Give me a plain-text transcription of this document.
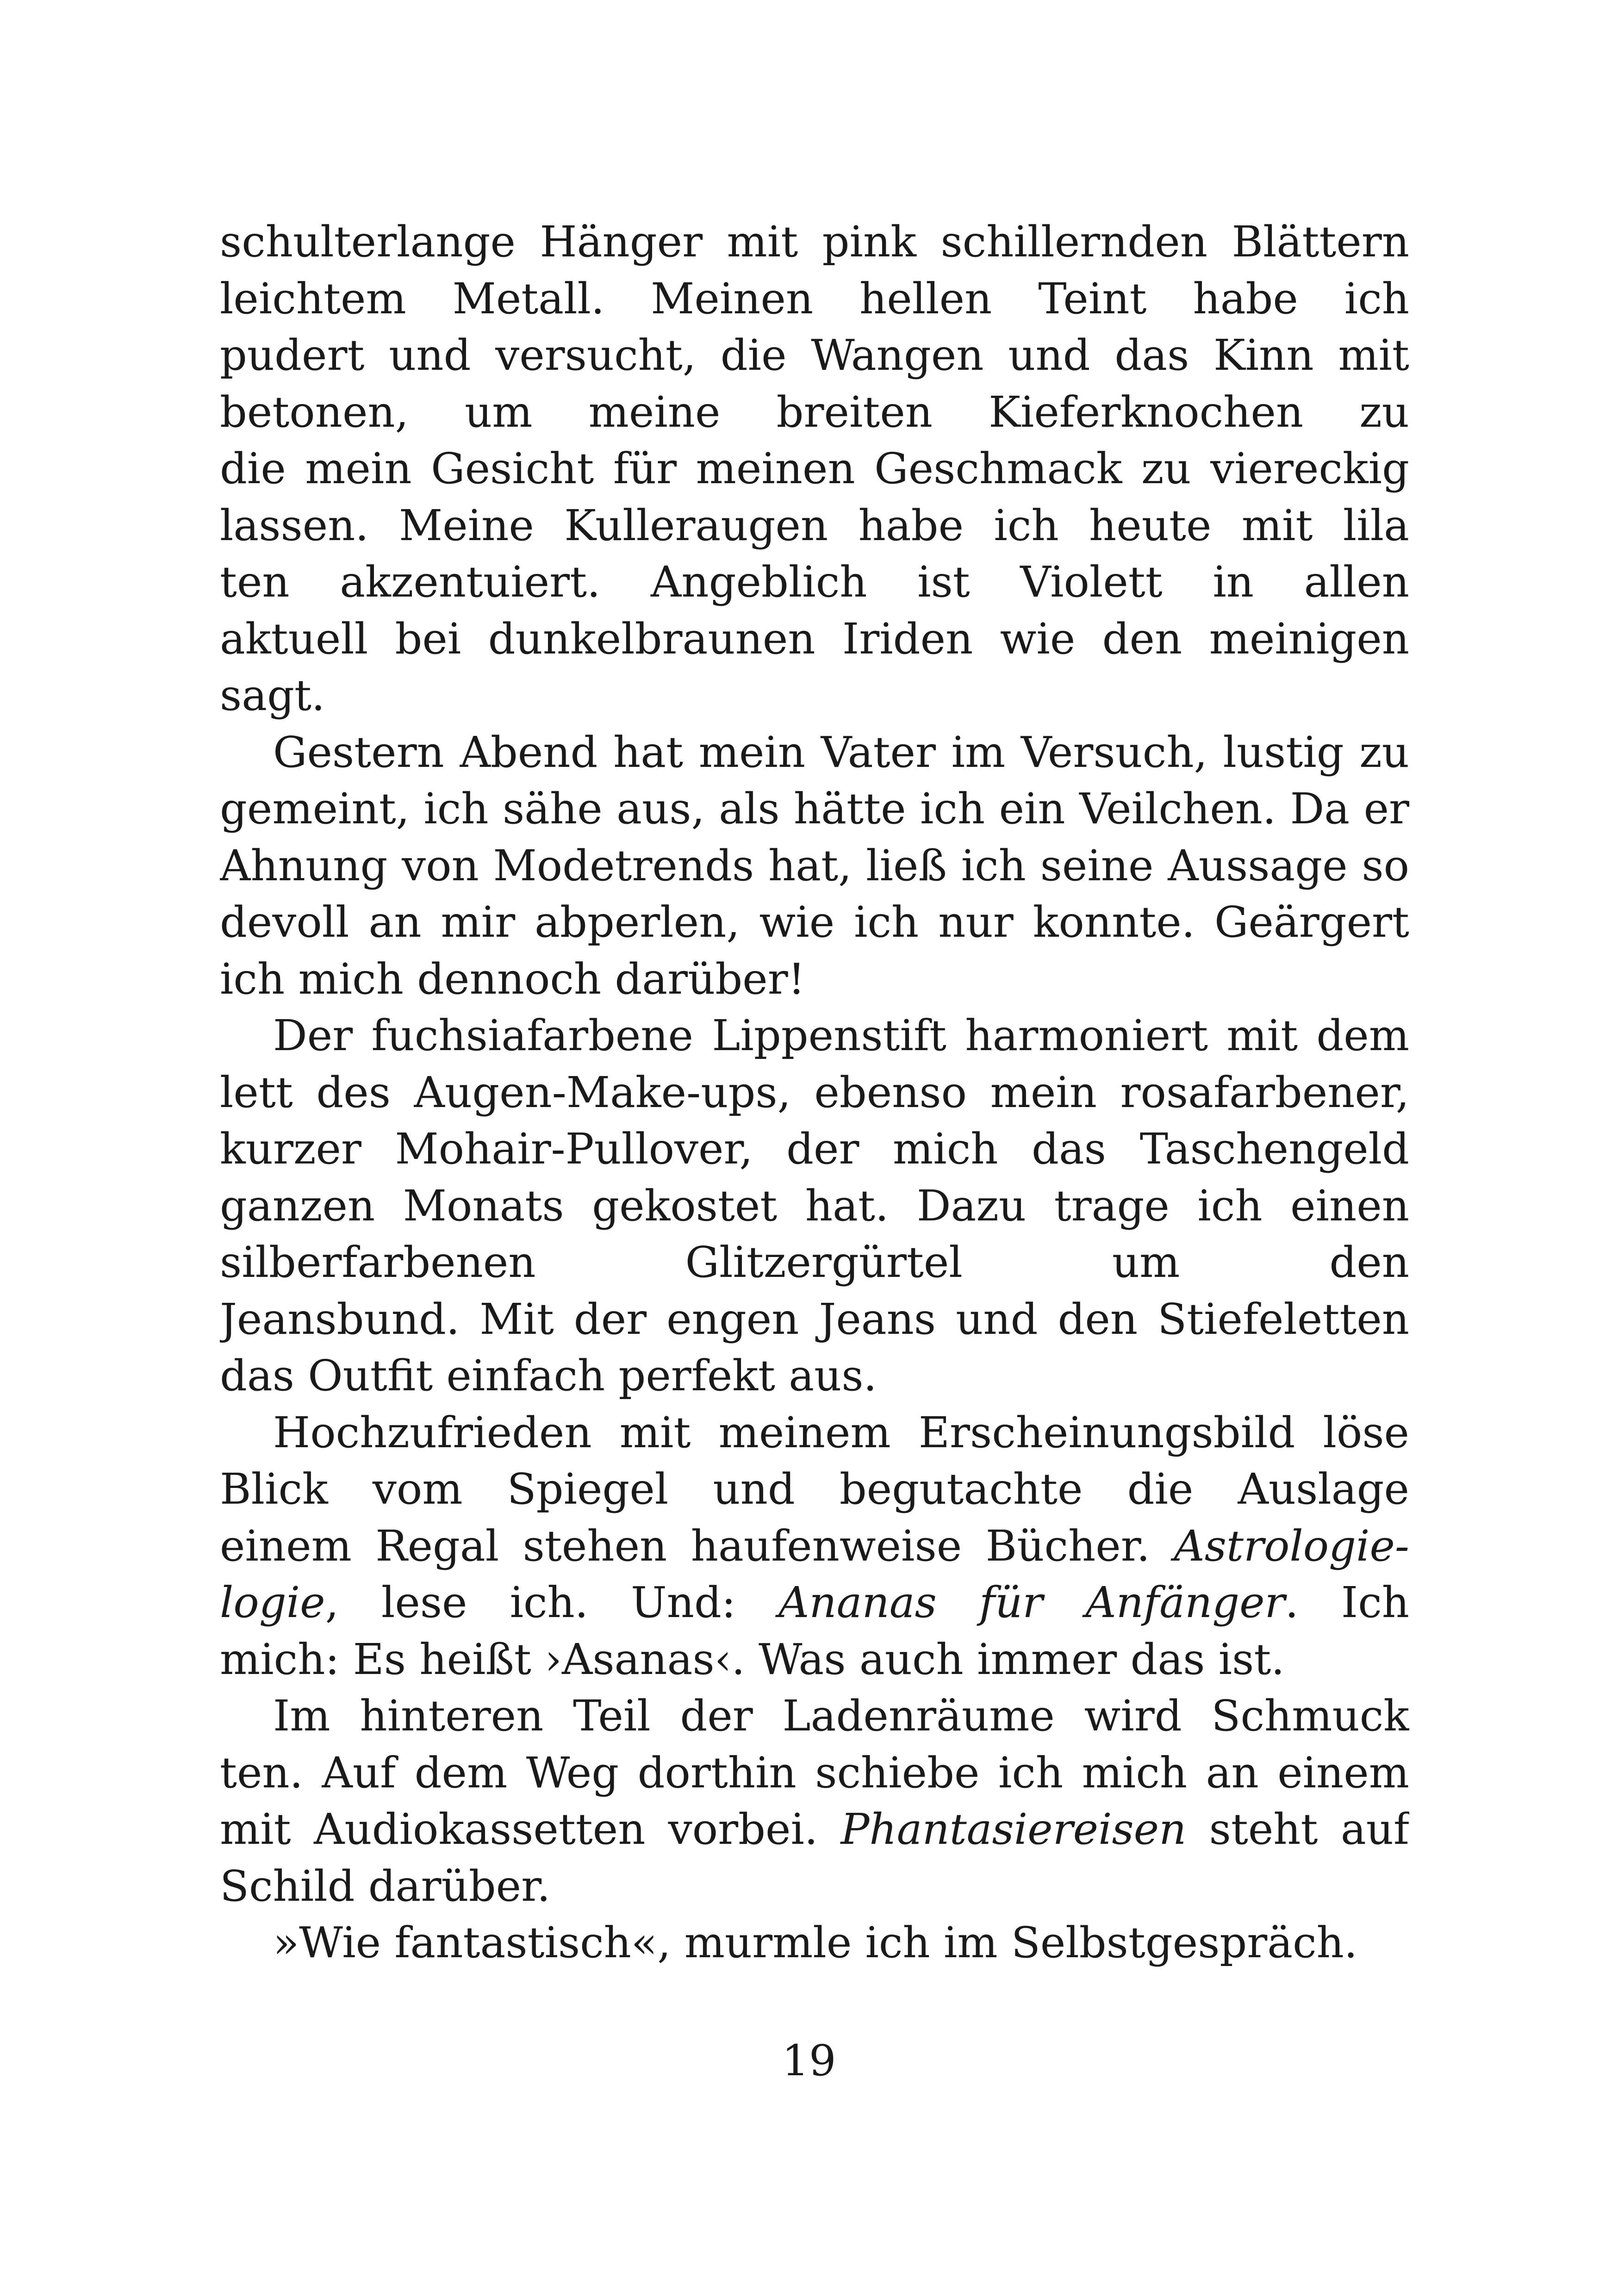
schulterlange Hänger mit pink schillernden Blättern
leichtem Metall. Meinen hellen Teint habe ich
pudert und versucht, die Wangen und das Kinn mit
betonen, um meine breiten Kieferknochen zu
die mein Gesicht für meinen Geschmack zu viereckig
lassen. Meine Kulleraugen habe ich heute mit lila
ten akzentuiert. Angeblich ist Violett in allen
aktuell bei dunkelbraunen Iriden wie den meinigen
sagt.
Gestern Abend hat mein Vater im Versuch, lustig zu
gemeint, ich sähe aus, als hätte ich ein Veilchen. Da er
Ahnung von Modetrends hat, ließ ich seine Aussage so
devoll an mir abperlen, wie ich nur konnte. Geärgert
ich mich dennoch darüber!
Der fuchsiafarbene Lippenstift harmoniert mit dem
lett des Augen-Make-ups, ebenso mein rosafarbener,
kurzer Mohair-Pullover, der mich das Taschengeld
ganzen Monats gekostet hat. Dazu trage ich einen
silberfarbenen Glitzergürtel um den
Jeansbund. Mit der engen Jeans und den Stiefeletten
das Outfit einfach perfekt aus.
Hochzufrieden mit meinem Erscheinungsbild löse
Blick vom Spiegel und begutachte die Auslage
einem Regal stehen haufenweise Bücher. Astrologie-
logie, lese ich. Und: Ananas für Anfänger. Ich
mich: Es heißt ›Asanas‹. Was auch immer das ist.
Im hinteren Teil der Ladenräume wird Schmuck
ten. Auf dem Weg dorthin schiebe ich mich an einem
mit Audiokassetten vorbei. Phantasiereisen steht auf
Schild darüber.
»Wie fantastisch«, murmle ich im Selbstgespräch.
19
